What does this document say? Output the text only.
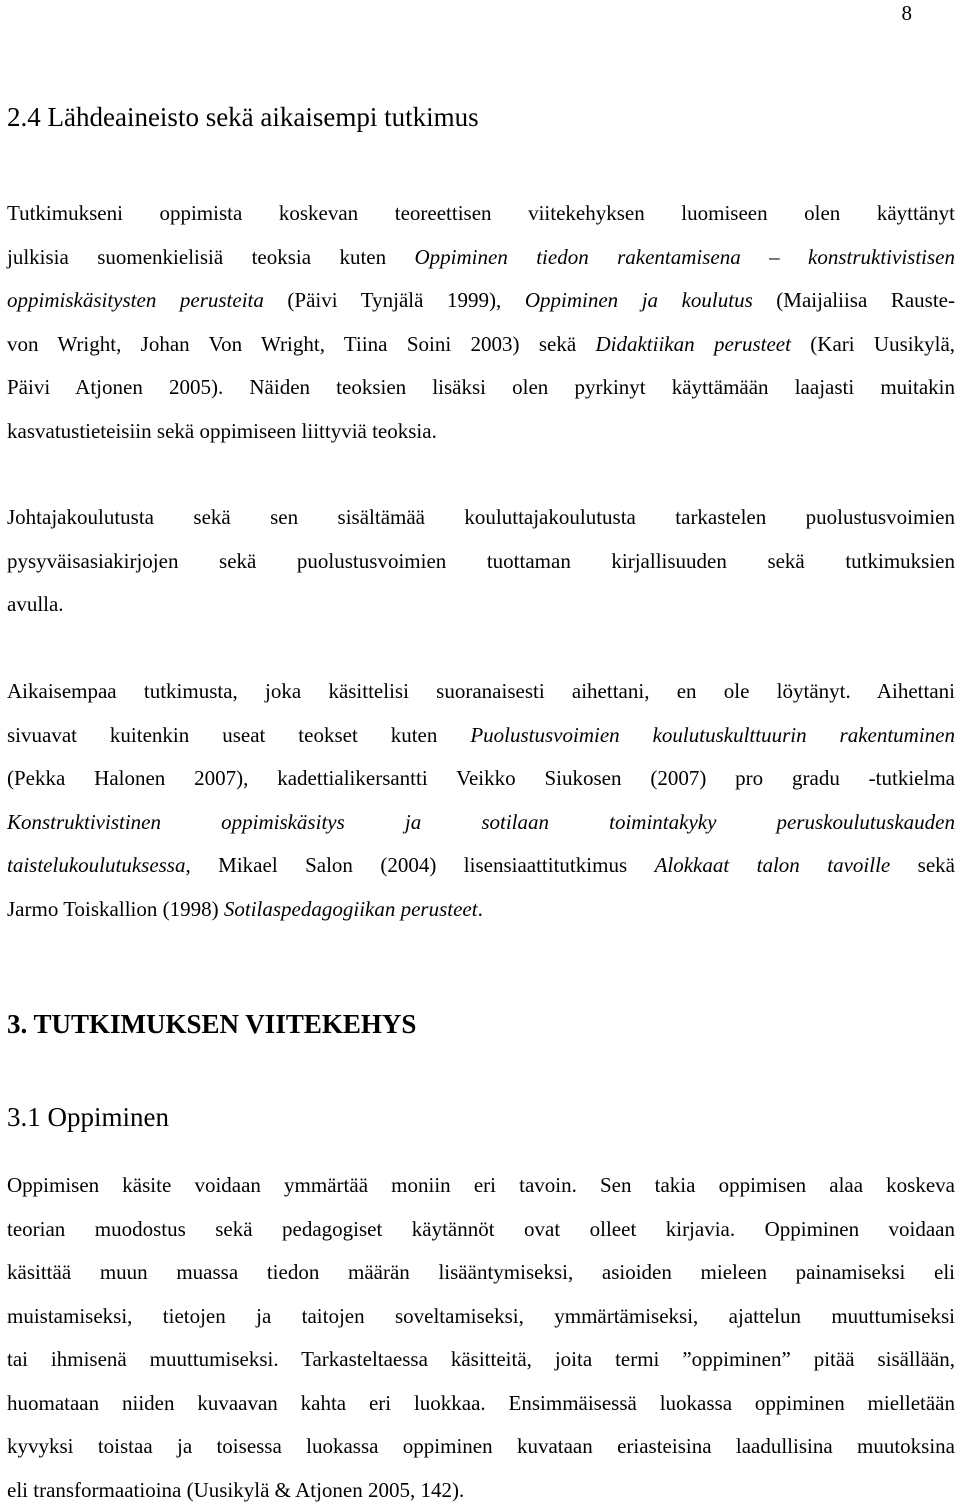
8
2.4 Lähdeaineisto sekä aikaisempi tutkimus
Tutkimukseni oppimista koskevan teoreettisen viitekehyksen luomiseen olen käyttänyt
julkisia suomenkielisiä teoksia kuten Oppiminen tiedon rakentamisena – konstruktivistisen
oppimiskäsitysten perusteita (Päivi Tynjälä 1999), Oppiminen ja koulutus (Maijaliisa Rauste-
von Wright, Johan Von Wright, Tiina Soini 2003) sekä Didaktiikan perusteet (Kari Uusikylä,
Päivi Atjonen 2005). Näiden teoksien lisäksi olen pyrkinyt käyttämään laajasti muitakin
kasvatustieteisiin sekä oppimiseen liittyviä teoksia.
Johtajakoulutusta sekä sen sisältämää kouluttajakoulutusta tarkastelen puolustusvoimien
pysyväisasiakirjojen sekä puolustusvoimien tuottaman kirjallisuuden sekä tutkimuksien
avulla.
Aikaisempaa tutkimusta, joka käsittelisi suoranaisesti aihettani, en ole löytänyt. Aihettani
sivuavat kuitenkin useat teokset kuten Puolustusvoimien koulutuskulttuurin rakentuminen
(Pekka Halonen 2007), kadettialikersantti Veikko Siukosen (2007) pro gradu -tutkielma
Konstruktivistinen oppimiskäsitys ja sotilaan toimintakyky peruskoulutuskauden
taistelukoulutuksessa, Mikael Salon (2004) lisensiaattitutkimus Alokkaat talon tavoille sekä
Jarmo Toiskallion (1998) Sotilaspedagogiikan perusteet.
3. TUTKIMUKSEN VIITEKEHYS
3.1 Oppiminen
Oppimisen käsite voidaan ymmärtää moniin eri tavoin. Sen takia oppimisen alaa koskeva
teorian muodostus sekä pedagogiset käytännöt ovat olleet kirjavia. Oppiminen voidaan
käsittää muun muassa tiedon määrän lisääntymiseksi, asioiden mieleen painamiseksi eli
muistamiseksi, tietojen ja taitojen soveltamiseksi, ymmärtämiseksi, ajattelun muuttumiseksi
tai ihmisenä muuttumiseksi. Tarkasteltaessa käsitteitä, joita termi ”oppiminen” pitää sisällään,
huomataan niiden kuvaavan kahta eri luokkaa. Ensimmäisessä luokassa oppiminen mielletään
kyvyksi toistaa ja toisessa luokassa oppiminen kuvataan eriasteisina laadullisina muutoksina
eli transformaatioina (Uusikylä & Atjonen 2005, 142).
